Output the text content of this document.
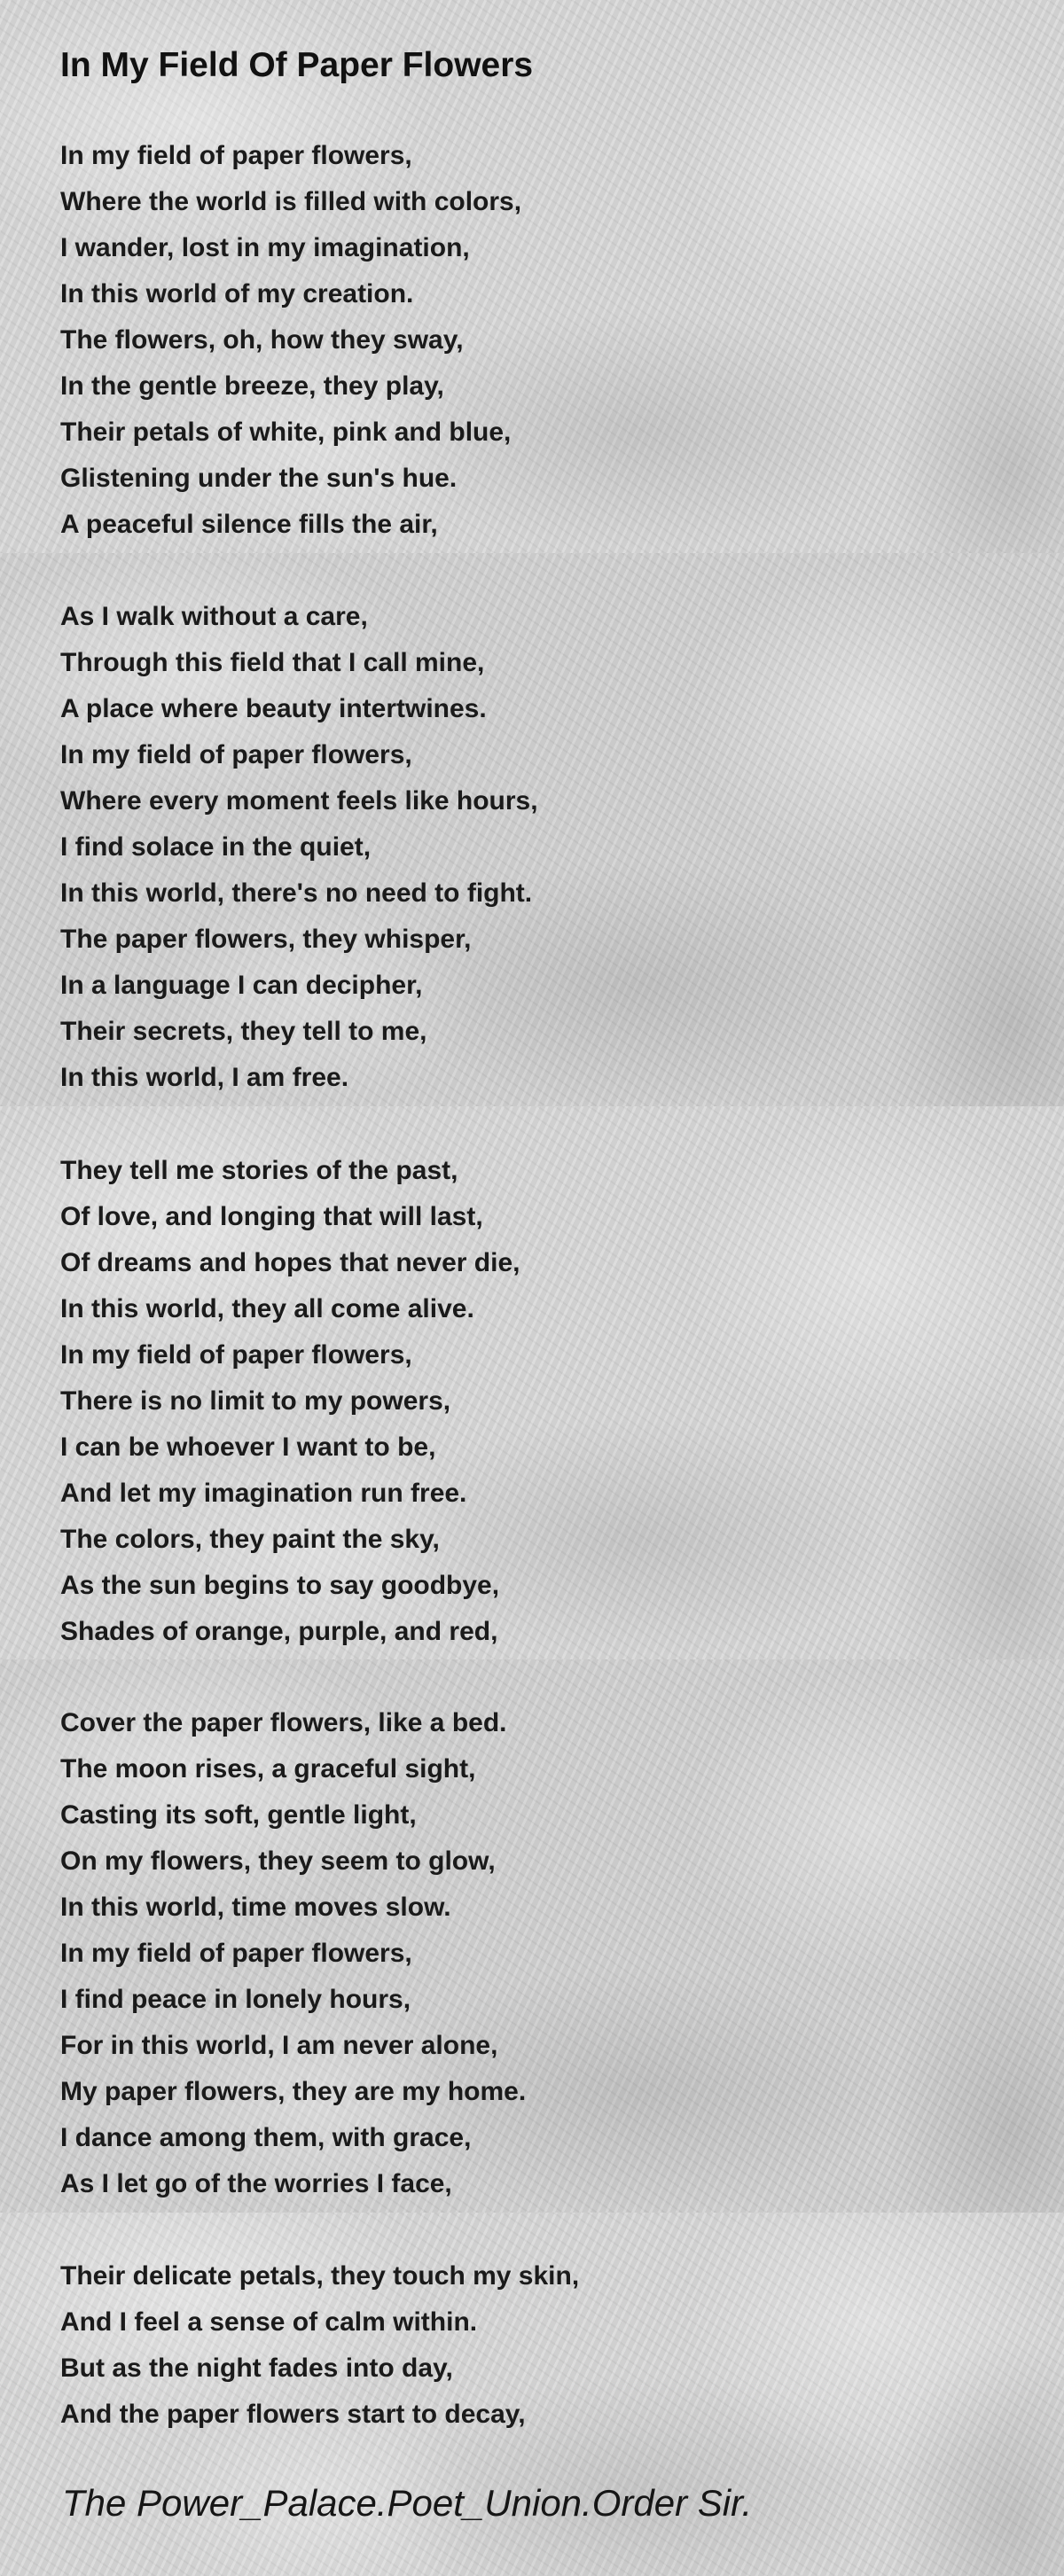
In My Field Of Paper Flowers
In my field of paper flowers,
Where the world is filled with colors,
I wander, lost in my imagination,
In this world of my creation.
The flowers, oh, how they sway,
In the gentle breeze, they play,
Their petals of white, pink and blue,
Glistening under the sun's hue.
A peaceful silence fills the air,
As I walk without a care,
Through this field that I call mine,
A place where beauty intertwines.
In my field of paper flowers,
Where every moment feels like hours,
I find solace in the quiet,
In this world, there's no need to fight.
The paper flowers, they whisper,
In a language I can decipher,
Their secrets, they tell to me,
In this world, I am free.
They tell me stories of the past,
Of love, and longing that will last,
Of dreams and hopes that never die,
In this world, they all come alive.
In my field of paper flowers,
There is no limit to my powers,
I can be whoever I want to be,
And let my imagination run free.
The colors, they paint the sky,
As the sun begins to say goodbye,
Shades of orange, purple, and red,
Cover the paper flowers, like a bed.
The moon rises, a graceful sight,
Casting its soft, gentle light,
On my flowers, they seem to glow,
In this world, time moves slow.
In my field of paper flowers,
I find peace in lonely hours,
For in this world, I am never alone,
My paper flowers, they are my home.
I dance among them, with grace,
As I let go of the worries I face,
Their delicate petals, they touch my skin,
And I feel a sense of calm within.
But as the night fades into day,
And the paper flowers start to decay,

The Power_Palace.Poet_Union.Order Sir.
